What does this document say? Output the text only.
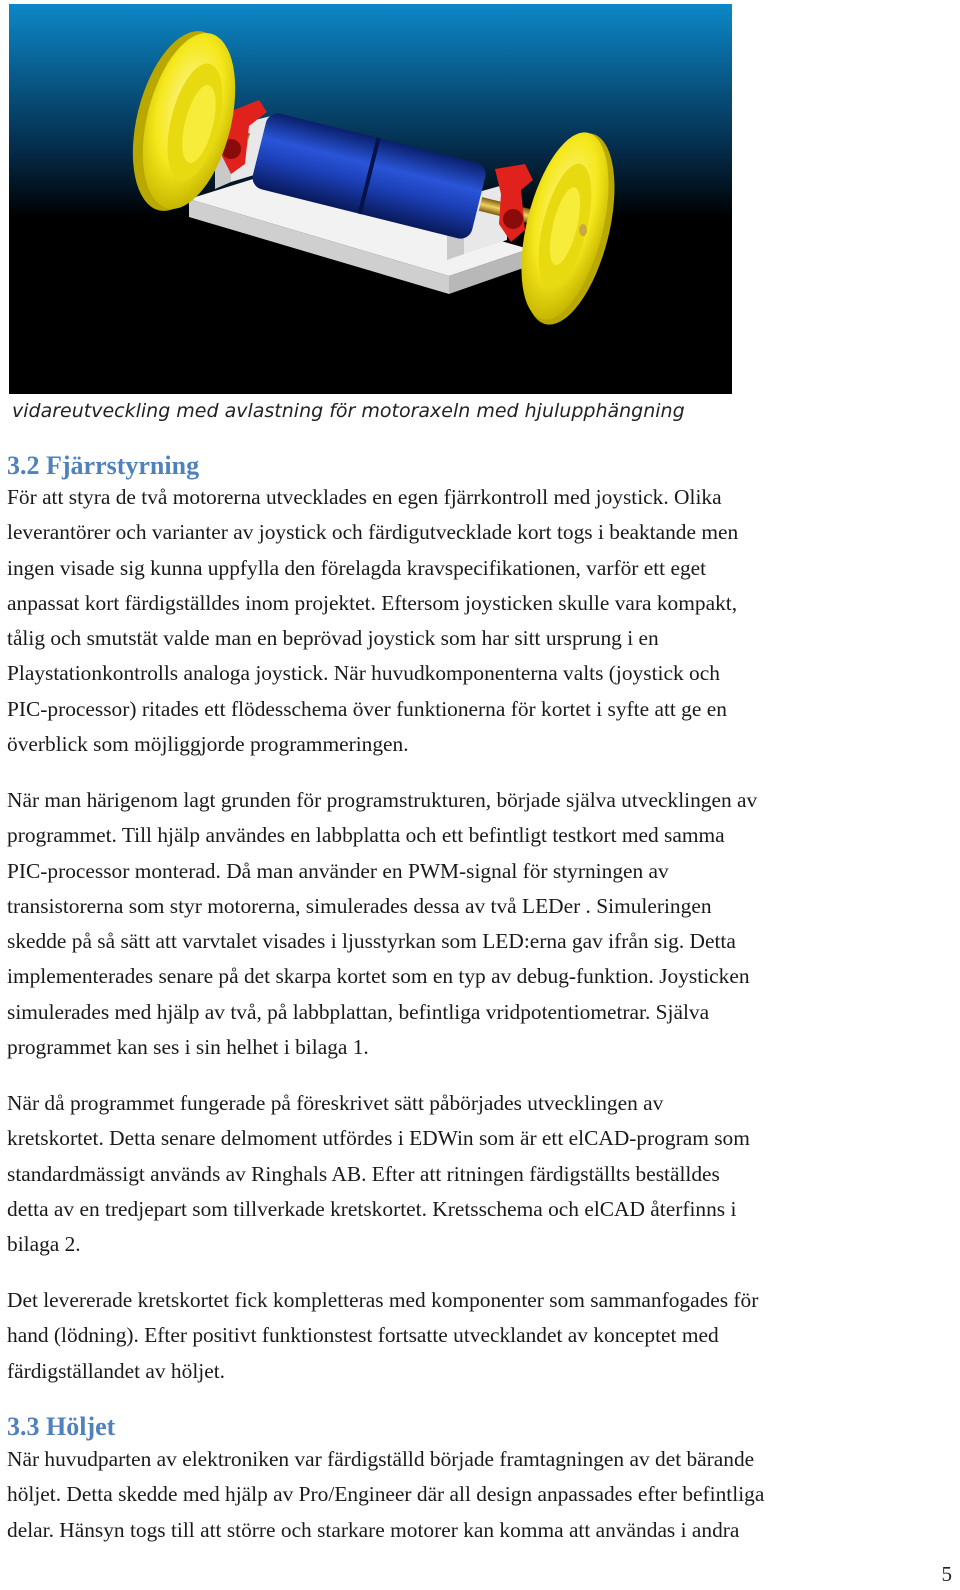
vidareutveckling med avlastning för motoraxeln med hjulupphängning
3.2 Fjärrstyrning
För att styra de två motorerna utvecklades en egen fjärrkontroll med joystick. Olika
leverantörer och varianter av joystick och färdigutvecklade kort togs i beaktande men
ingen visade sig kunna uppfylla den förelagda kravspecifikationen, varför ett eget
anpassat kort färdigställdes inom projektet. Eftersom joysticken skulle vara kompakt,
tålig och smutstät valde man en beprövad joystick som har sitt ursprung i en
Playstationkontrolls analoga joystick. När huvudkomponenterna valts (joystick och
PIC-processor) ritades ett flödesschema över funktionerna för kortet i syfte att ge en
överblick som möjliggjorde programmeringen.
När man härigenom lagt grunden för programstrukturen, började själva utvecklingen av
programmet. Till hjälp användes en labbplatta och ett befintligt testkort med samma
PIC-processor monterad. Då man använder en PWM-signal för styrningen av
transistorerna som styr motorerna, simulerades dessa av två LEDer . Simuleringen
skedde på så sätt att varvtalet visades i ljusstyrkan som LED:erna gav ifrån sig. Detta
implementerades senare på det skarpa kortet som en typ av debug-funktion. Joysticken
simulerades med hjälp av två, på labbplattan, befintliga vridpotentiometrar. Själva
programmet kan ses i sin helhet i bilaga 1.
När då programmet fungerade på föreskrivet sätt påbörjades utvecklingen av
kretskortet. Detta senare delmoment utfördes i EDWin som är ett elCAD-program som
standardmässigt används av Ringhals AB. Efter att ritningen färdigställts beställdes
detta av en tredjepart som tillverkade kretskortet. Kretsschema och elCAD återfinns i
bilaga 2.
Det levererade kretskortet fick kompletteras med komponenter som sammanfogades för
hand (lödning). Efter positivt funktionstest fortsatte utvecklandet av konceptet med
färdigställandet av höljet.
3.3 Höljet
När huvudparten av elektroniken var färdigställd började framtagningen av det bärande
höljet. Detta skedde med hjälp av Pro/Engineer där all design anpassades efter befintliga
delar. Hänsyn togs till att större och starkare motorer kan komma att användas i andra
5
